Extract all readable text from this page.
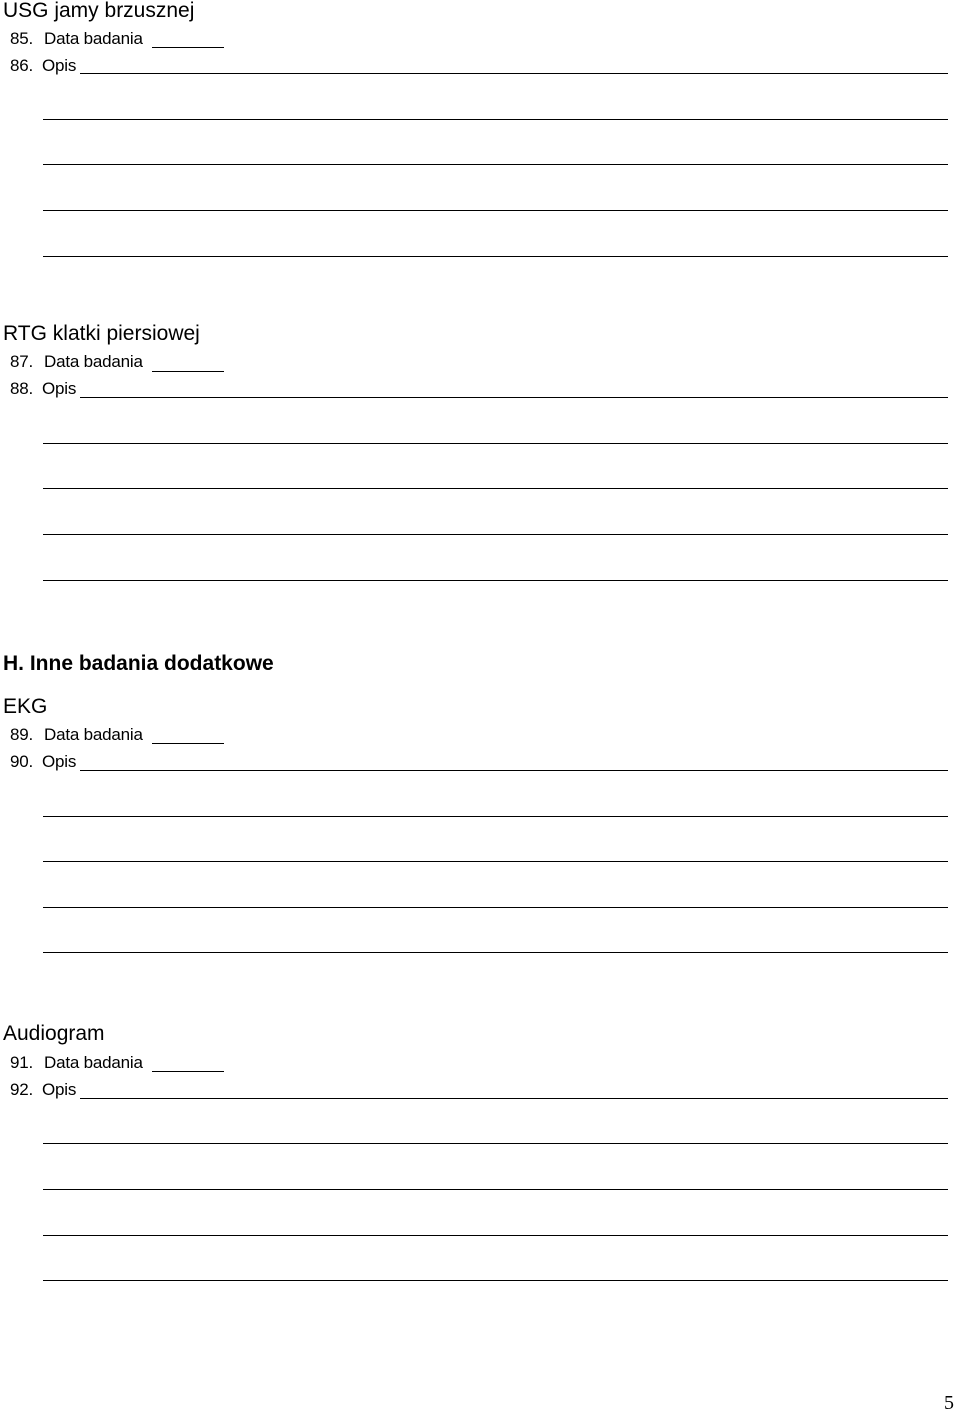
USG jamy brzusznej
85. Data badania
86. Opis
RTG klatki piersiowej
87. Data badania
88. Opis
H. Inne badania dodatkowe
EKG
89. Data badania
90. Opis
Audiogram
91. Data badania
92. Opis
5
